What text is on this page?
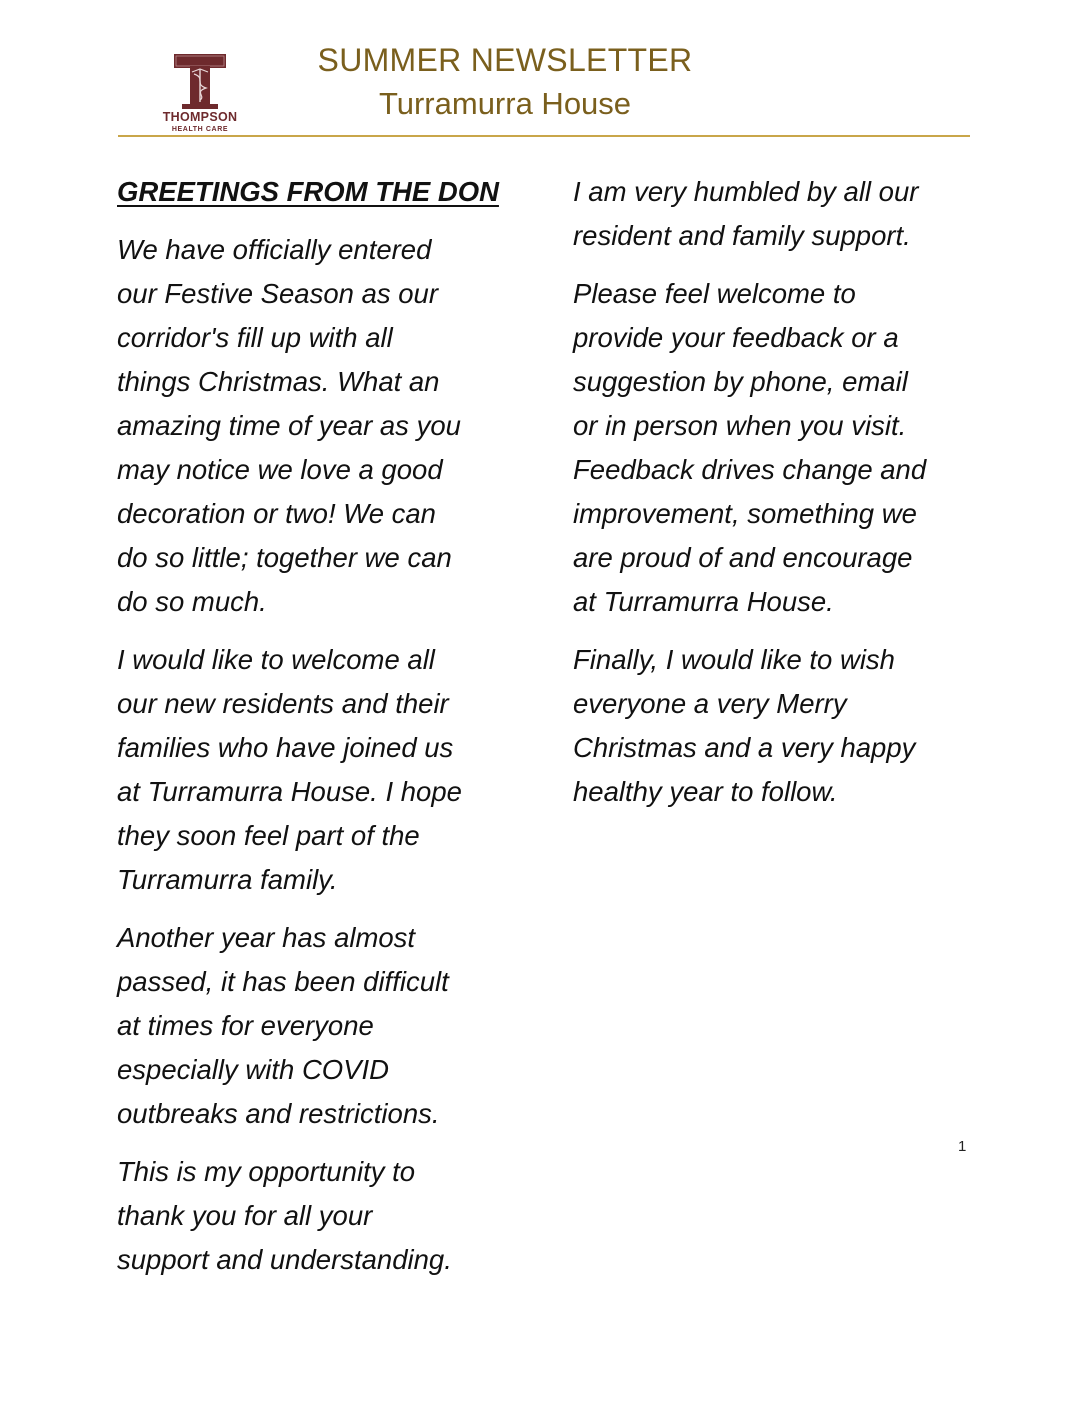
THOMPSON
HEALTH CARE
SUMMER NEWSLETTER
Turramurra House
GREETINGS FROM THE DON

We have officially entered
our Festive Season as our
corridor's fill up with all
things Christmas. What an
amazing time of year as you
may notice we love a good
decoration or two! We can
do so little; together we can
do so much.

I would like to welcome all
our new residents and their
families who have joined us
at Turramurra House. I hope
they soon feel part of the
Turramurra family.

Another year has almost
passed, it has been difficult
at times for everyone
especially with COVID
outbreaks and restrictions.

This is my opportunity to
thank you for all your
support and understanding.

I am very humbled by all our
resident and family support.

Please feel welcome to
provide your feedback or a
suggestion by phone, email
or in person when you visit.
Feedback drives change and
improvement, something we
are proud of and encourage
at Turramurra House.

Finally, I would like to wish
everyone a very Merry
Christmas and a very happy
healthy year to follow.

1
